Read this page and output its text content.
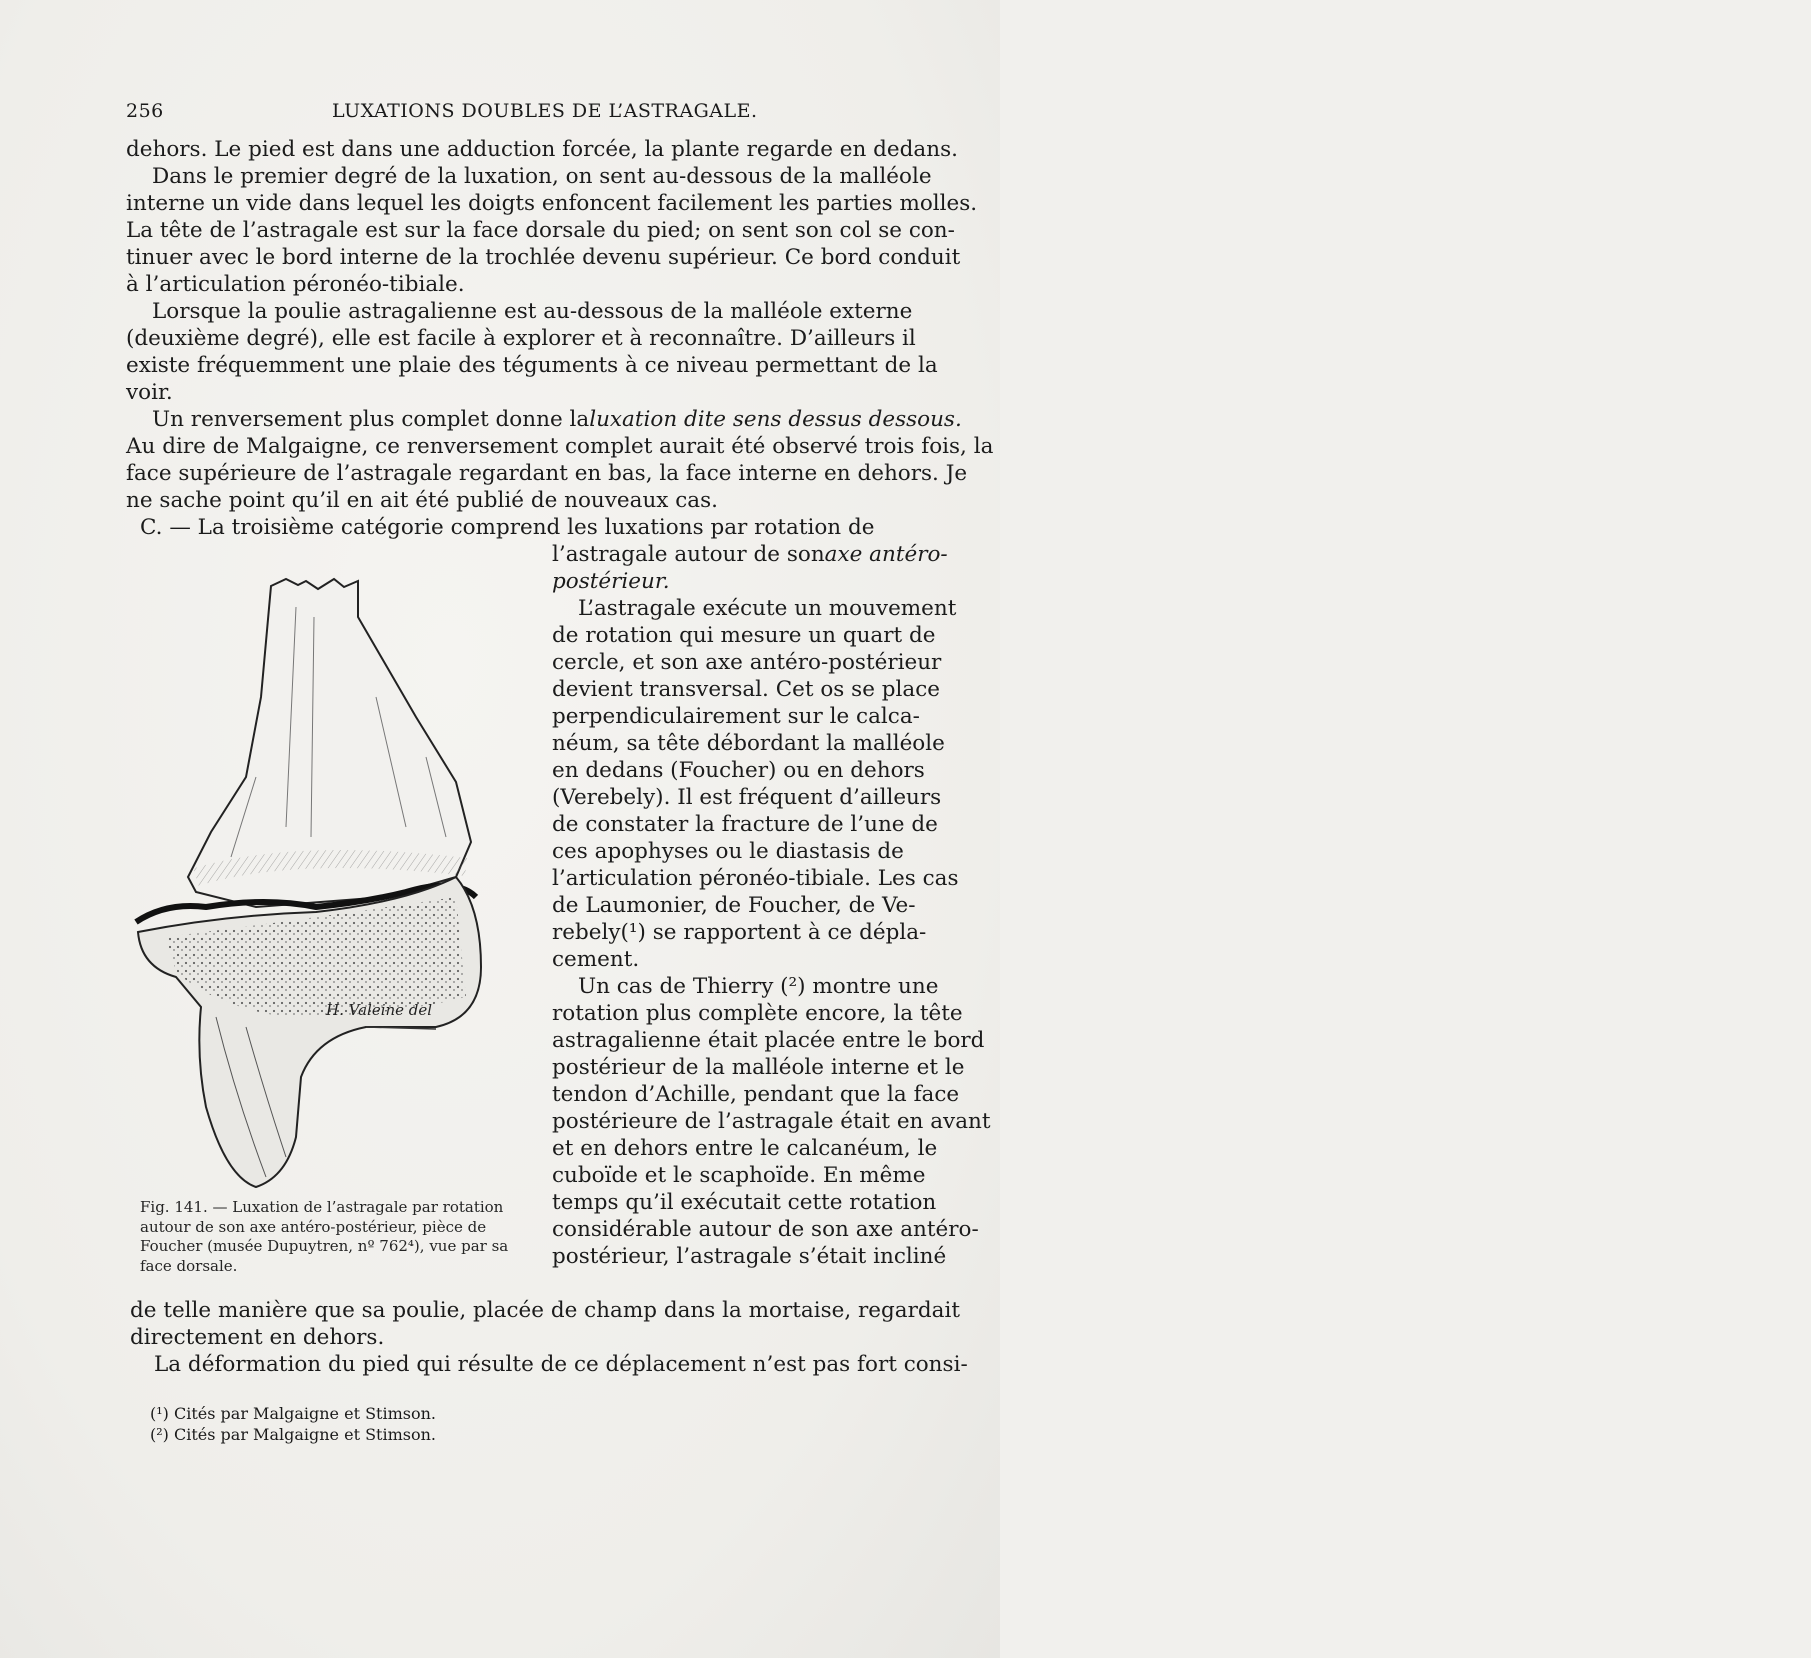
256	LUXATIONS DOUBLES DE L’ASTRAGALE.
dehors. Le pied est dans une adduction forcée, la plante regarde en dedans.
Dans le premier degré de la luxation, on sent au-dessous de la malléole
interne un vide dans lequel les doigts enfoncent facilement les parties molles.
La tête de l’astragale est sur la face dorsale du pied; on sent son col se con-
tinuer avec le bord interne de la trochlée devenu supérieur. Ce bord conduit
à l’articulation péronéo-tibiale.
Lorsque la poulie astragalienne est au-dessous de la malléole externe
(deuxième degré), elle est facile à explorer et à reconnaître. D’ailleurs il
existe fréquemment une plaie des téguments à ce niveau permettant de la
voir.
Un renversement plus complet donne la luxation dite sens dessus dessous.
Au dire de Malgaigne, ce renversement complet aurait été observé trois fois, la
face supérieure de l’astragale regardant en bas, la face interne en dehors. Je
ne sache point qu’il en ait été publié de nouveaux cas.
C. — La troisième catégorie comprend les luxations par rotation de
l’astragale autour de son axe antéro-
postérieur.
L’astragale exécute un mouvement
de rotation qui mesure un quart de
cercle, et son axe antéro-postérieur
devient transversal. Cet os se place
perpendiculairement sur le calca-
néum, sa tête débordant la malléole
en dedans (Foucher) ou en dehors
(Verebely). Il est fréquent d’ailleurs
de constater la fracture de l’une de
ces apophyses ou le diastasis de
l’articulation péronéo-tibiale. Les cas
de Laumonier, de Foucher, de Ve-
rebely(¹) se rapportent à ce dépla-
cement.
Un cas de Thierry (²) montre une
rotation plus complète encore, la tête
astragalienne était placée entre le bord
postérieur de la malléole interne et le
tendon d’Achille, pendant que la face
postérieure de l’astragale était en avant
et en dehors entre le calcanéum, le
cuboïde et le scaphoïde. En même
temps qu’il exécutait cette rotation
considérable autour de son axe antéro-
postérieur, l’astragale s’était incliné
de telle manière que sa poulie, placée de champ dans la mortaise, regardait
directement en dehors.
La déformation du pied qui résulte de ce déplacement n’est pas fort consi-
H. Valeine del
Fig. 141. — Luxation de l’astragale par rotation
autour de son axe antéro-postérieur, pièce de
Foucher (musée Dupuytren, nº 762⁴), vue par sa
face dorsale.
(¹) Cités par Malgaigne et Stimson.
(²) Cités par Malgaigne et Stimson.
